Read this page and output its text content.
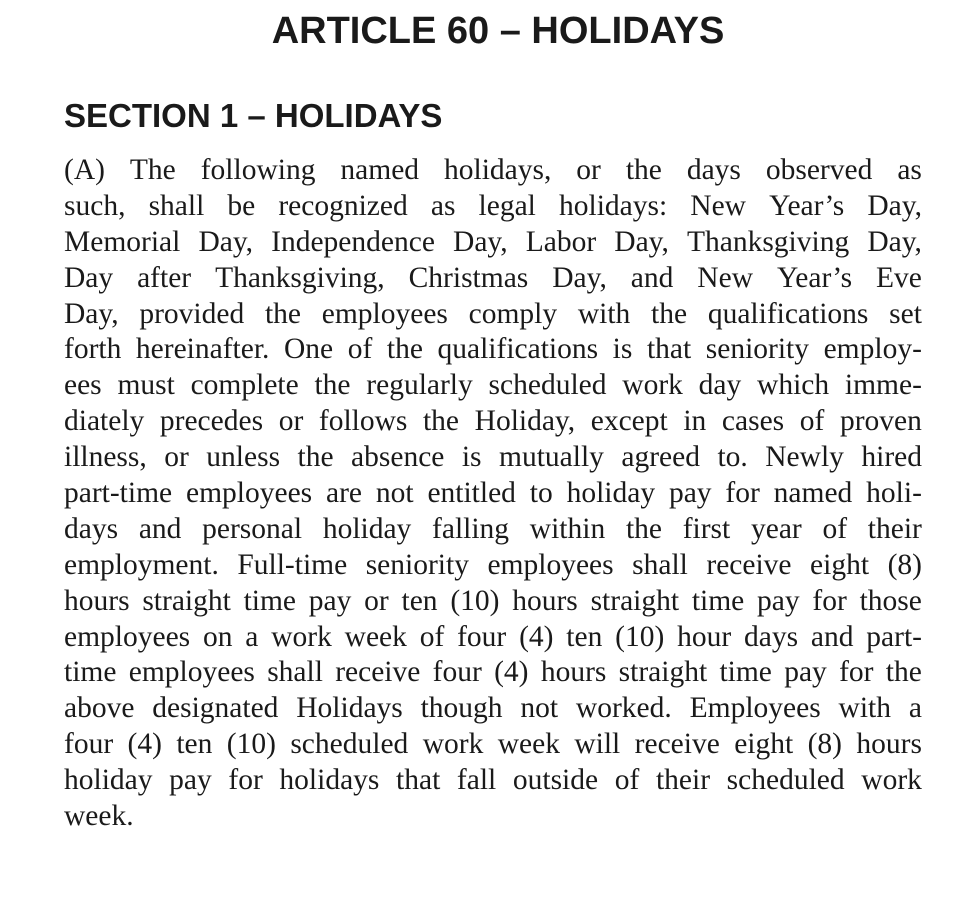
ARTICLE 60 – HOLIDAYS
SECTION 1 – HOLIDAYS

(A) The following named holidays, or the days observed as
such, shall be recognized as legal holidays: New Year’s Day,
Memorial Day, Independence Day, Labor Day, Thanksgiving Day,
Day after Thanksgiving, Christmas Day, and New Year’s Eve
Day, provided the employees comply with the qualifications set
forth hereinafter. One of the qualifications is that seniority employ-
ees must complete the regularly scheduled work day which imme-
diately precedes or follows the Holiday, except in cases of proven
illness, or unless the absence is mutually agreed to. Newly hired
part-time employees are not entitled to holiday pay for named holi-
days and personal holiday falling within the first year of their
employment. Full-time seniority employees shall receive eight (8)
hours straight time pay or ten (10) hours straight time pay for those
employees on a work week of four (4) ten (10) hour days and part-
time employees shall receive four (4) hours straight time pay for the
above designated Holidays though not worked. Employees with a
four (4) ten (10) scheduled work week will receive eight (8) hours
holiday pay for holidays that fall outside of their scheduled work
week.
